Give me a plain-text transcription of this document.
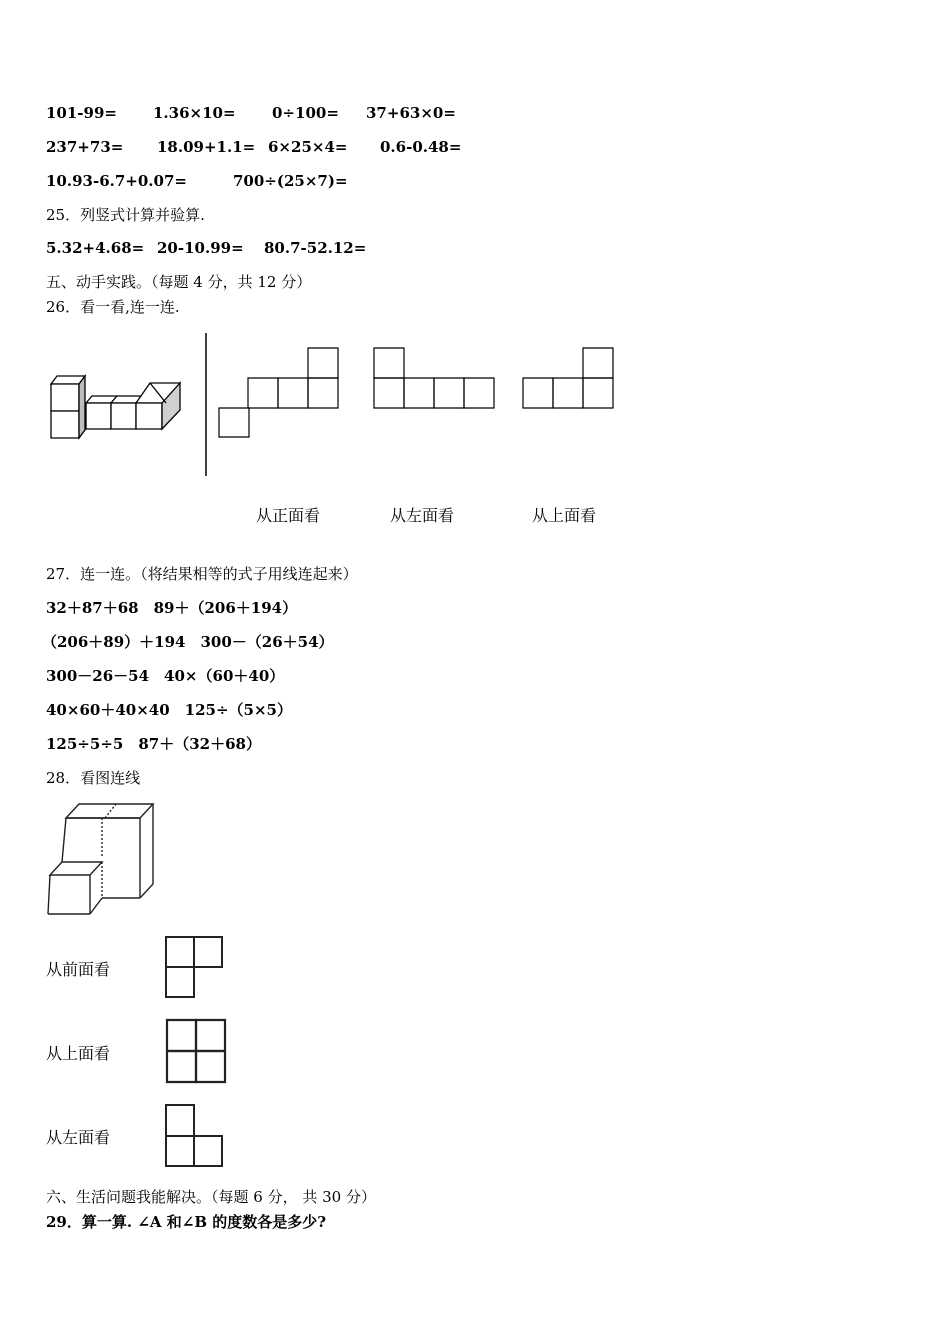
101-99= 1.36×10= 0÷100= 37+63×0=
237+73= 18.09+1.1= 6×25×4= 0.6-0.48=
10.93-6.7+0.07=	700÷(25×7)=
25．列竖式计算并验算.
5.32+4.68= 20-10.99= 80.7-52.12=
五、动手实践。（每题 4 分，共 12 分）
26．看一看,连一连.
从正面看	从左面看	从上面看
27．连一连。（将结果相等的式子用线连起来）
32＋87＋68　89＋（206＋194）
（206＋89）＋194　300－（26＋54）
300－26－54　40×（60＋40）
40×60＋40×40　125÷（5×5）
125÷5÷5　87＋（32＋68）
28．看图连线
从前面看
从上面看
从左面看
六、生活问题我能解决。（每题 6 分， 共 30 分）
29．算一算. ∠A 和∠B 的度数各是多少?
